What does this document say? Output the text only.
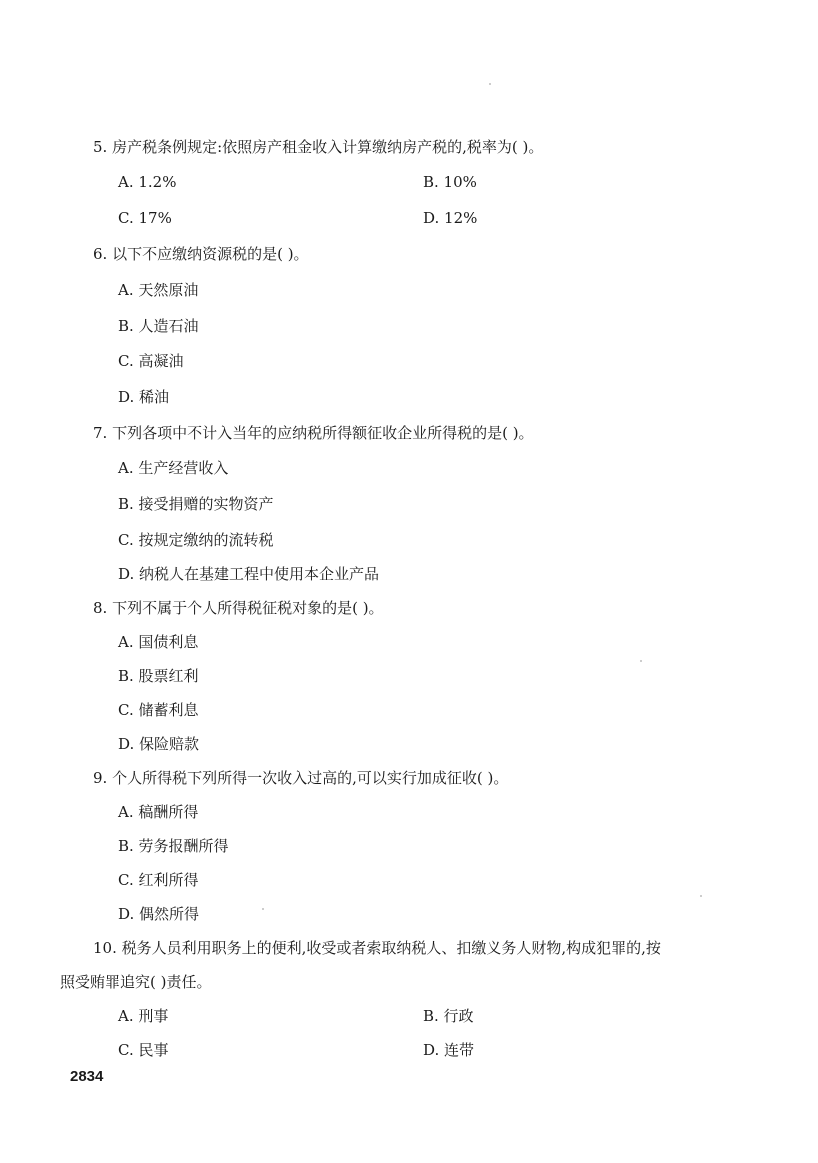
5. 房产税条例规定:依照房产租金收入计算缴纳房产税的,税率为( )。
A. 1.2%	B. 10%
C. 17%	D. 12%
6. 以下不应缴纳资源税的是( )。
A. 天然原油
B. 人造石油
C. 高凝油
D. 稀油
7. 下列各项中不计入当年的应纳税所得额征收企业所得税的是( )。
A. 生产经营收入
B. 接受捐赠的实物资产
C. 按规定缴纳的流转税
D. 纳税人在基建工程中使用本企业产品
8. 下列不属于个人所得税征税对象的是( )。
A. 国债利息
B. 股票红利
C. 储蓄利息
D. 保险赔款
9. 个人所得税下列所得一次收入过高的,可以实行加成征收( )。
A. 稿酬所得
B. 劳务报酬所得
C. 红利所得
D. 偶然所得
10. 税务人员利用职务上的便利,收受或者索取纳税人、扣缴义务人财物,构成犯罪的,按
照受贿罪追究( )责任。
A. 刑事	B. 行政
C. 民事	D. 连带
2834
